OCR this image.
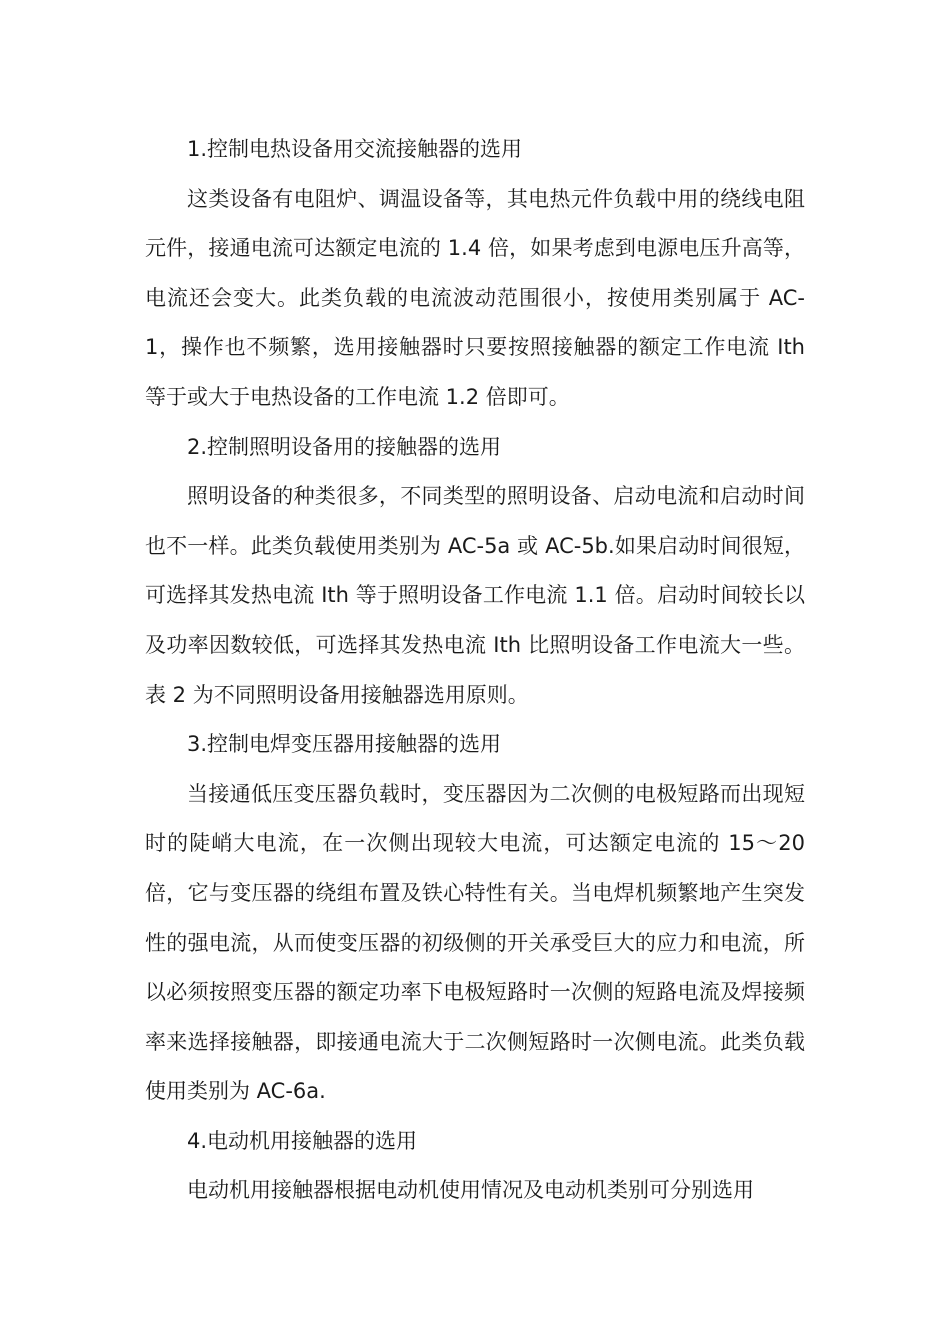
1.控制电热设备用交流接触器的选用

这类设备有电阻炉、调温设备等，其电热元件负载中用的绕线电阻元件，接通电流可达额定电流的 1.4 倍，如果考虑到电源电压升高等，电流还会变大。此类负载的电流波动范围很小，按使用类别属于 AC-1，操作也不频繁，选用接触器时只要按照接触器的额定工作电流 Ith 等于或大于电热设备的工作电流 1.2 倍即可。

2.控制照明设备用的接触器的选用

照明设备的种类很多，不同类型的照明设备、启动电流和启动时间也不一样。此类负载使用类别为 AC-5a 或 AC-5b.如果启动时间很短，可选择其发热电流 Ith 等于照明设备工作电流 1.1 倍。启动时间较长以及功率因数较低，可选择其发热电流 Ith 比照明设备工作电流大一些。表 2 为不同照明设备用接触器选用原则。

3.控制电焊变压器用接触器的选用

当接通低压变压器负载时，变压器因为二次侧的电极短路而出现短时的陡峭大电流，在一次侧出现较大电流，可达额定电流的 15～20 倍，它与变压器的绕组布置及铁心特性有关。当电焊机频繁地产生突发性的强电流，从而使变压器的初级侧的开关承受巨大的应力和电流，所以必须按照变压器的额定功率下电极短路时一次侧的短路电流及焊接频率来选择接触器，即接通电流大于二次侧短路时一次侧电流。此类负载使用类别为 AC-6a.

4.电动机用接触器的选用

电动机用接触器根据电动机使用情况及电动机类别可分别选用
